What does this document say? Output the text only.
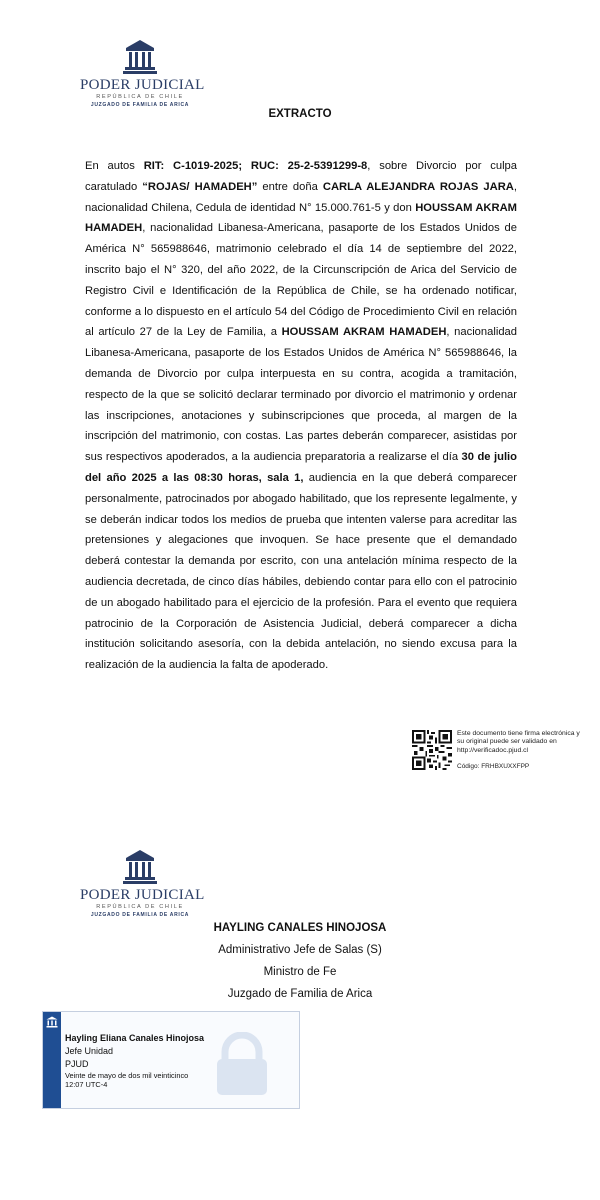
PODER JUDICIAL
REPÚBLICA DE CHILE
JUZGADO DE FAMILIA DE ARICA
EXTRACTO
En autos RIT: C-1019-2025; RUC: 25-2-5391299-8, sobre Divorcio por culpa caratulado “ROJAS/ HAMADEH” entre doña CARLA ALEJANDRA ROJAS JARA, nacionalidad Chilena, Cedula de identidad N° 15.000.761-5 y don HOUSSAM AKRAM HAMADEH, nacionalidad Libanesa-Americana, pasaporte de los Estados Unidos de América N° 565988646, matrimonio celebrado el día 14 de septiembre del 2022, inscrito bajo el N° 320, del año 2022, de la Circunscripción de Arica del Servicio de Registro Civil e Identificación de la República de Chile, se ha ordenado notificar, conforme a lo dispuesto en el artículo 54 del Código de Procedimiento Civil en relación al artículo 27 de la Ley de Familia, a HOUSSAM AKRAM HAMADEH, nacionalidad Libanesa-Americana, pasaporte de los Estados Unidos de América N° 565988646, la demanda de Divorcio por culpa interpuesta en su contra, acogida a tramitación, respecto de la que se solicitó declarar terminado por divorcio el matrimonio y ordenar las inscripciones, anotaciones y subinscripciones que proceda, al margen de la inscripción del matrimonio, con costas. Las partes deberán comparecer, asistidas por sus respectivos apoderados, a la audiencia preparatoria a realizarse el día 30 de julio del año 2025 a las 08:30 horas, sala 1, audiencia en la que deberá comparecer personalmente, patrocinados por abogado habilitado, que los represente legalmente, y se deberán indicar todos los medios de prueba que intenten valerse para acreditar las pretensiones y alegaciones que invoquen. Se hace presente que el demandado deberá contestar la demanda por escrito, con una antelación mínima respecto de la audiencia decretada, de cinco días hábiles, debiendo contar para ello con el patrocinio de un abogado habilitado para el ejercicio de la profesión. Para el evento que requiera patrocinio de la Corporación de Asistencia Judicial, deberá comparecer a dicha institución solicitando asesoría, con la debida antelación, no siendo excusa para la realización de la audiencia la falta de apoderado.
Este documento tiene firma electrónica y su original puede ser validado en http://verificadoc.pjud.cl
Código: FRHBXUXXFPP
PODER JUDICIAL
REPÚBLICA DE CHILE
JUZGADO DE FAMILIA DE ARICA
HAYLING CANALES HINOJOSA
Administrativo Jefe de Salas (S)
Ministro de Fe
Juzgado de Familia de Arica
Hayling Eliana Canales Hinojosa
Jefe Unidad
PJUD
Veinte de mayo de dos mil veinticinco
12:07 UTC-4
